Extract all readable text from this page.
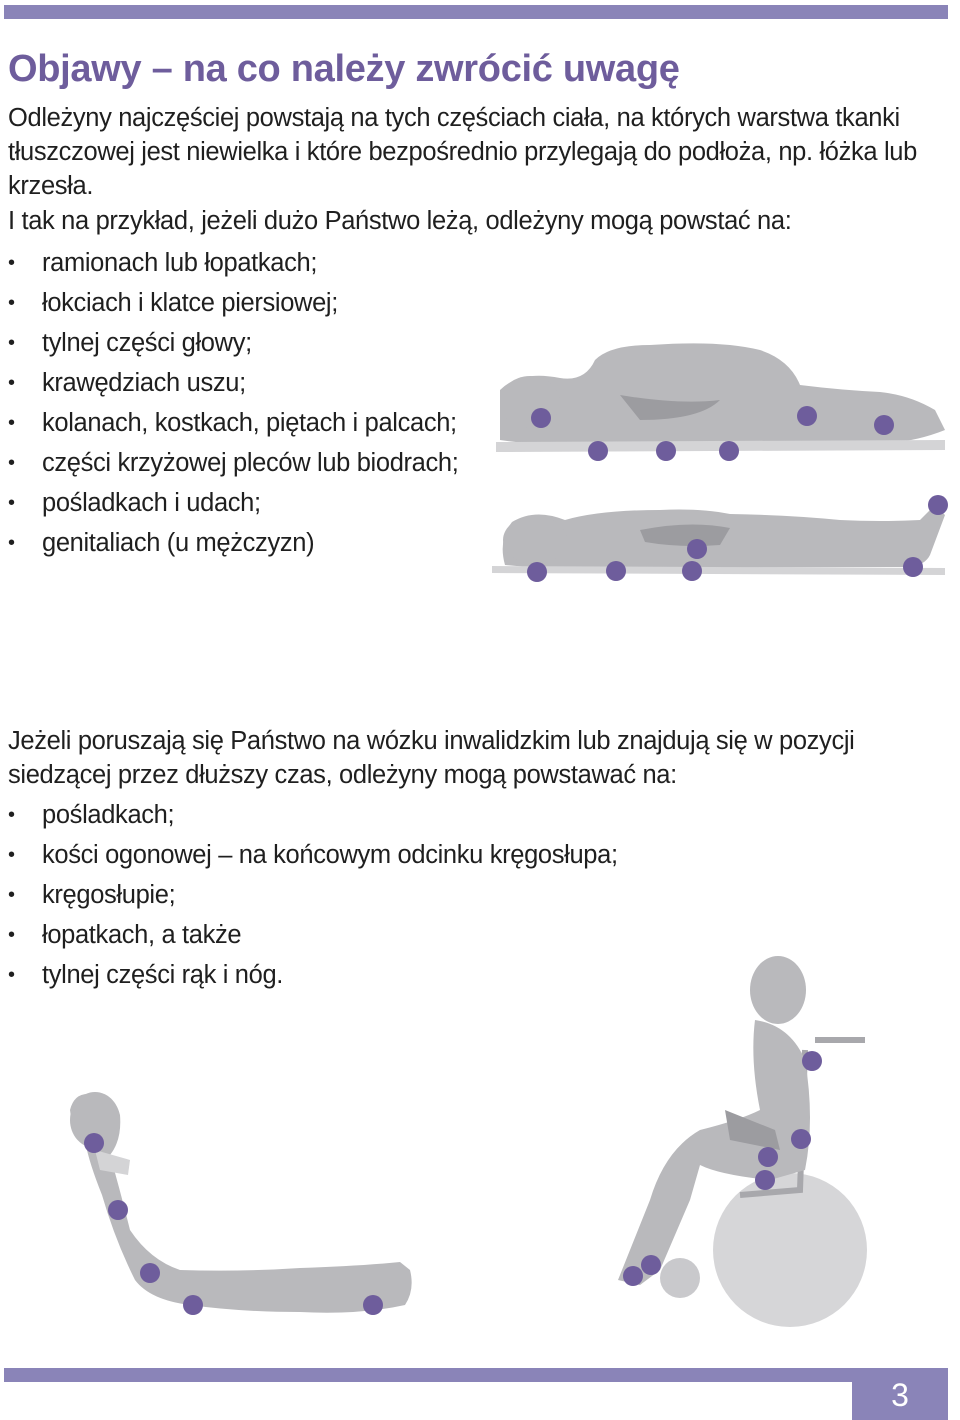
Objawy – na co należy zwrócić uwagę

Odleżyny najczęściej powstają na tych częściach ciała, na których warstwa tkanki tłuszczowej jest niewielka i które bezpośrednio przylegają do podłoża, np. łóżka lub krzesła.

I tak na przykład, jeżeli dużo Państwo leżą, odleżyny mogą powstać na:

• ramionach lub łopatkach;
• łokciach i klatce piersiowej;
• tylnej części głowy;
• krawędziach uszu;
• kolanach, kostkach, piętach i palcach;
• części krzyżowej pleców lub biodrach;
• pośladkach i udach;
• genitaliach (u mężczyzn)

Jeżeli poruszają się Państwo na wózku inwalidzkim lub znajdują się w pozycji siedzącej przez dłuższy czas, odleżyny mogą powstawać na:

• pośladkach;
• kości ogonowej – na końcowym odcinku kręgosłupa;
• kręgosłupie;
• łopatkach, a także
• tylnej części rąk i nóg.
3
